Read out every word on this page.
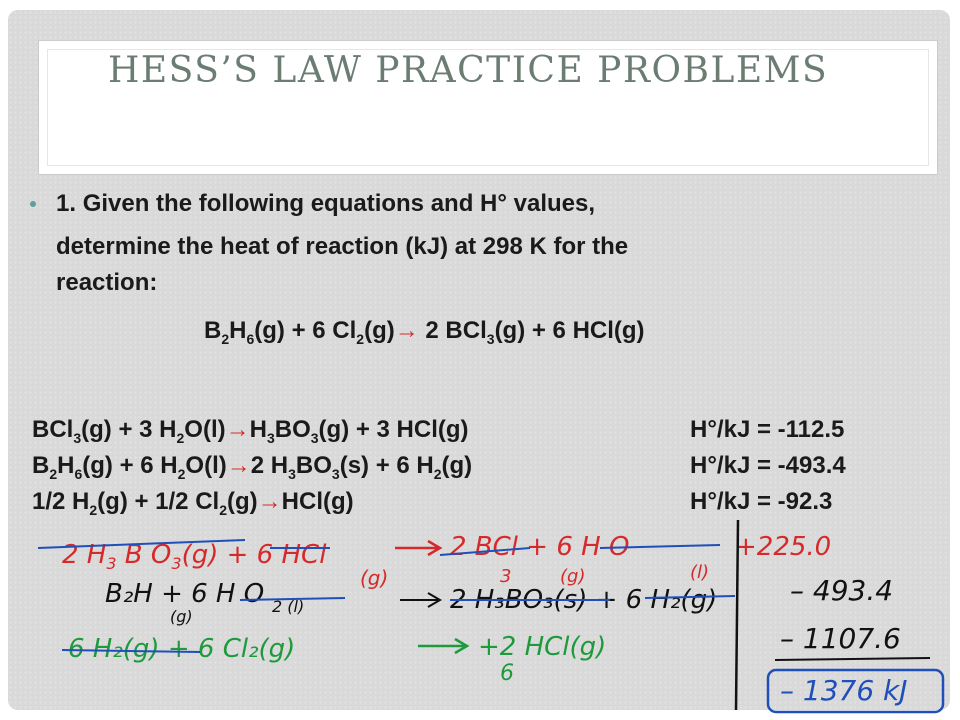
HESS’S LAW PRACTICE PROBLEMS
1. Given the following equations and H° values,
determine the heat of reaction (kJ) at 298 K for the
reaction:
$B_2H_6(g) + 6$ $Cl_2(g)\to 2$ BCl$_3$(g) + 6 HCl(g)
BCl$_3$(g) + 3 $H_2O(l)\to H_3BO_3(g) + 3$ HCl(g)	H°/kJ = -112.5
$B_2H_6(g) + 6$ $H_2O(l)\to 2$ $H_3BO_3(s) + 6$ $H_2(g)$	H°/kJ = -493.4
1/2 $H_2(g) + 1/2$ $Cl_2(g)\to HCl(g)$	H°/kJ = -92.3
2 $H_3$ B $O_3(g) + 6$ HCl
(g)
2 BCl + 6 H O
3	(g)	(l)
+225.0
B₂H + 6 H O
(g)
2 (l)	2 H₃BO₃(s) + 6 H₂(g)
6 H₂(g) + 6 Cl₂(g)	+2 HCl(g)
6
– 493.4
– 1107.6
– 1376 kJ
